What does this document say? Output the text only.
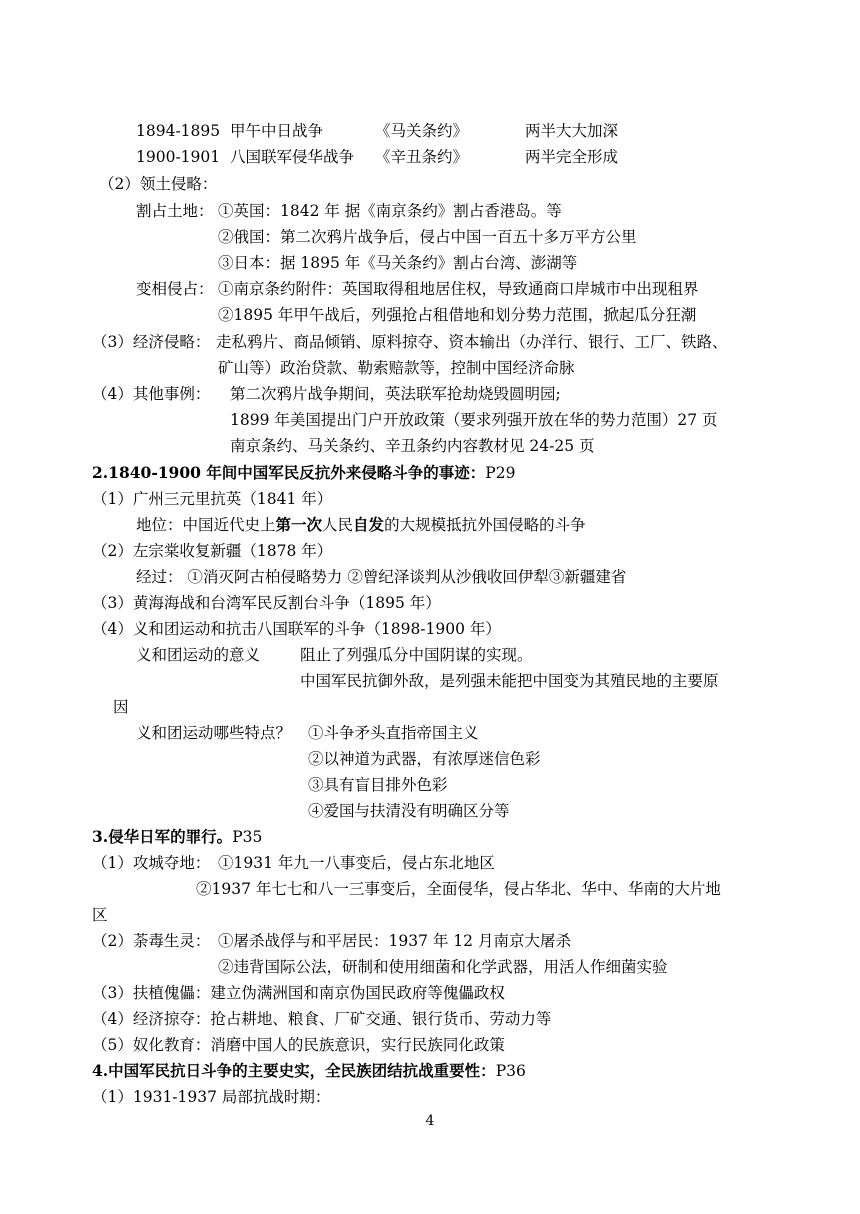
1894-1895 甲午中日战争	《马关条约》	两半大大加深
1900-1901 八国联军侵华战争 《辛丑条约》	两半完全形成
（2）领土侵略：
割占土地： ①英国：1842 年 据《南京条约》割占香港岛。等
②俄国：第二次鸦片战争后，侵占中国一百五十多万平方公里
③日本：据 1895 年《马关条约》割占台湾、澎湖等
变相侵占： ①南京条约附件：英国取得租地居住权，导致通商口岸城市中出现租界
②1895 年甲午战后，列强抢占租借地和划分势力范围，掀起瓜分狂潮
（3）经济侵略： 走私鸦片、商品倾销、原料掠夺、资本输出（办洋行、银行、工厂、铁路、
矿山等）政治贷款、勒索赔款等，控制中国经济命脉
（4）其他事例： 第二次鸦片战争期间，英法联军抢劫烧毁圆明园;
1899 年美国提出门户开放政策（要求列强开放在华的势力范围）27 页
南京条约、马关条约、辛丑条约内容教材见 24-25 页
2.1840-1900 年间中国军民反抗外来侵略斗争的事迹：P29
（1）广州三元里抗英（1841 年）
地位：中国近代史上第一次人民自发的大规模抵抗外国侵略的斗争
（2）左宗棠收复新疆（1878 年）
经过： ①消灭阿古柏侵略势力 ②曾纪泽谈判从沙俄收回伊犁③新疆建省
（3）黄海海战和台湾军民反割台斗争（1895 年）
（4）义和团运动和抗击八国联军的斗争（1898-1900 年）
义和团运动的意义	阻止了列强瓜分中国阴谋的实现。
中国军民抗御外敌，是列强未能把中国变为其殖民地的主要原
因
义和团运动哪些特点？ ①斗争矛头直指帝国主义
②以神道为武器，有浓厚迷信色彩
③具有盲目排外色彩
④爱国与扶清没有明确区分等
3.侵华日军的罪行。P35
（1）攻城夺地： ①1931 年九一八事变后，侵占东北地区
②1937 年七七和八一三事变后，全面侵华，侵占华北、华中、华南的大片地
区
（2）荼毒生灵： ①屠杀战俘与和平居民：1937 年 12 月南京大屠杀
②违背国际公法，研制和使用细菌和化学武器，用活人作细菌实验
（3）扶植傀儡：建立伪满洲国和南京伪国民政府等傀儡政权
（4）经济掠夺：抢占耕地、粮食、厂矿交通、银行货币、劳动力等
（5）奴化教育：消磨中国人的民族意识，实行民族同化政策
4.中国军民抗日斗争的主要史实，全民族团结抗战重要性：P36
（1）1931-1937 局部抗战时期：
4
